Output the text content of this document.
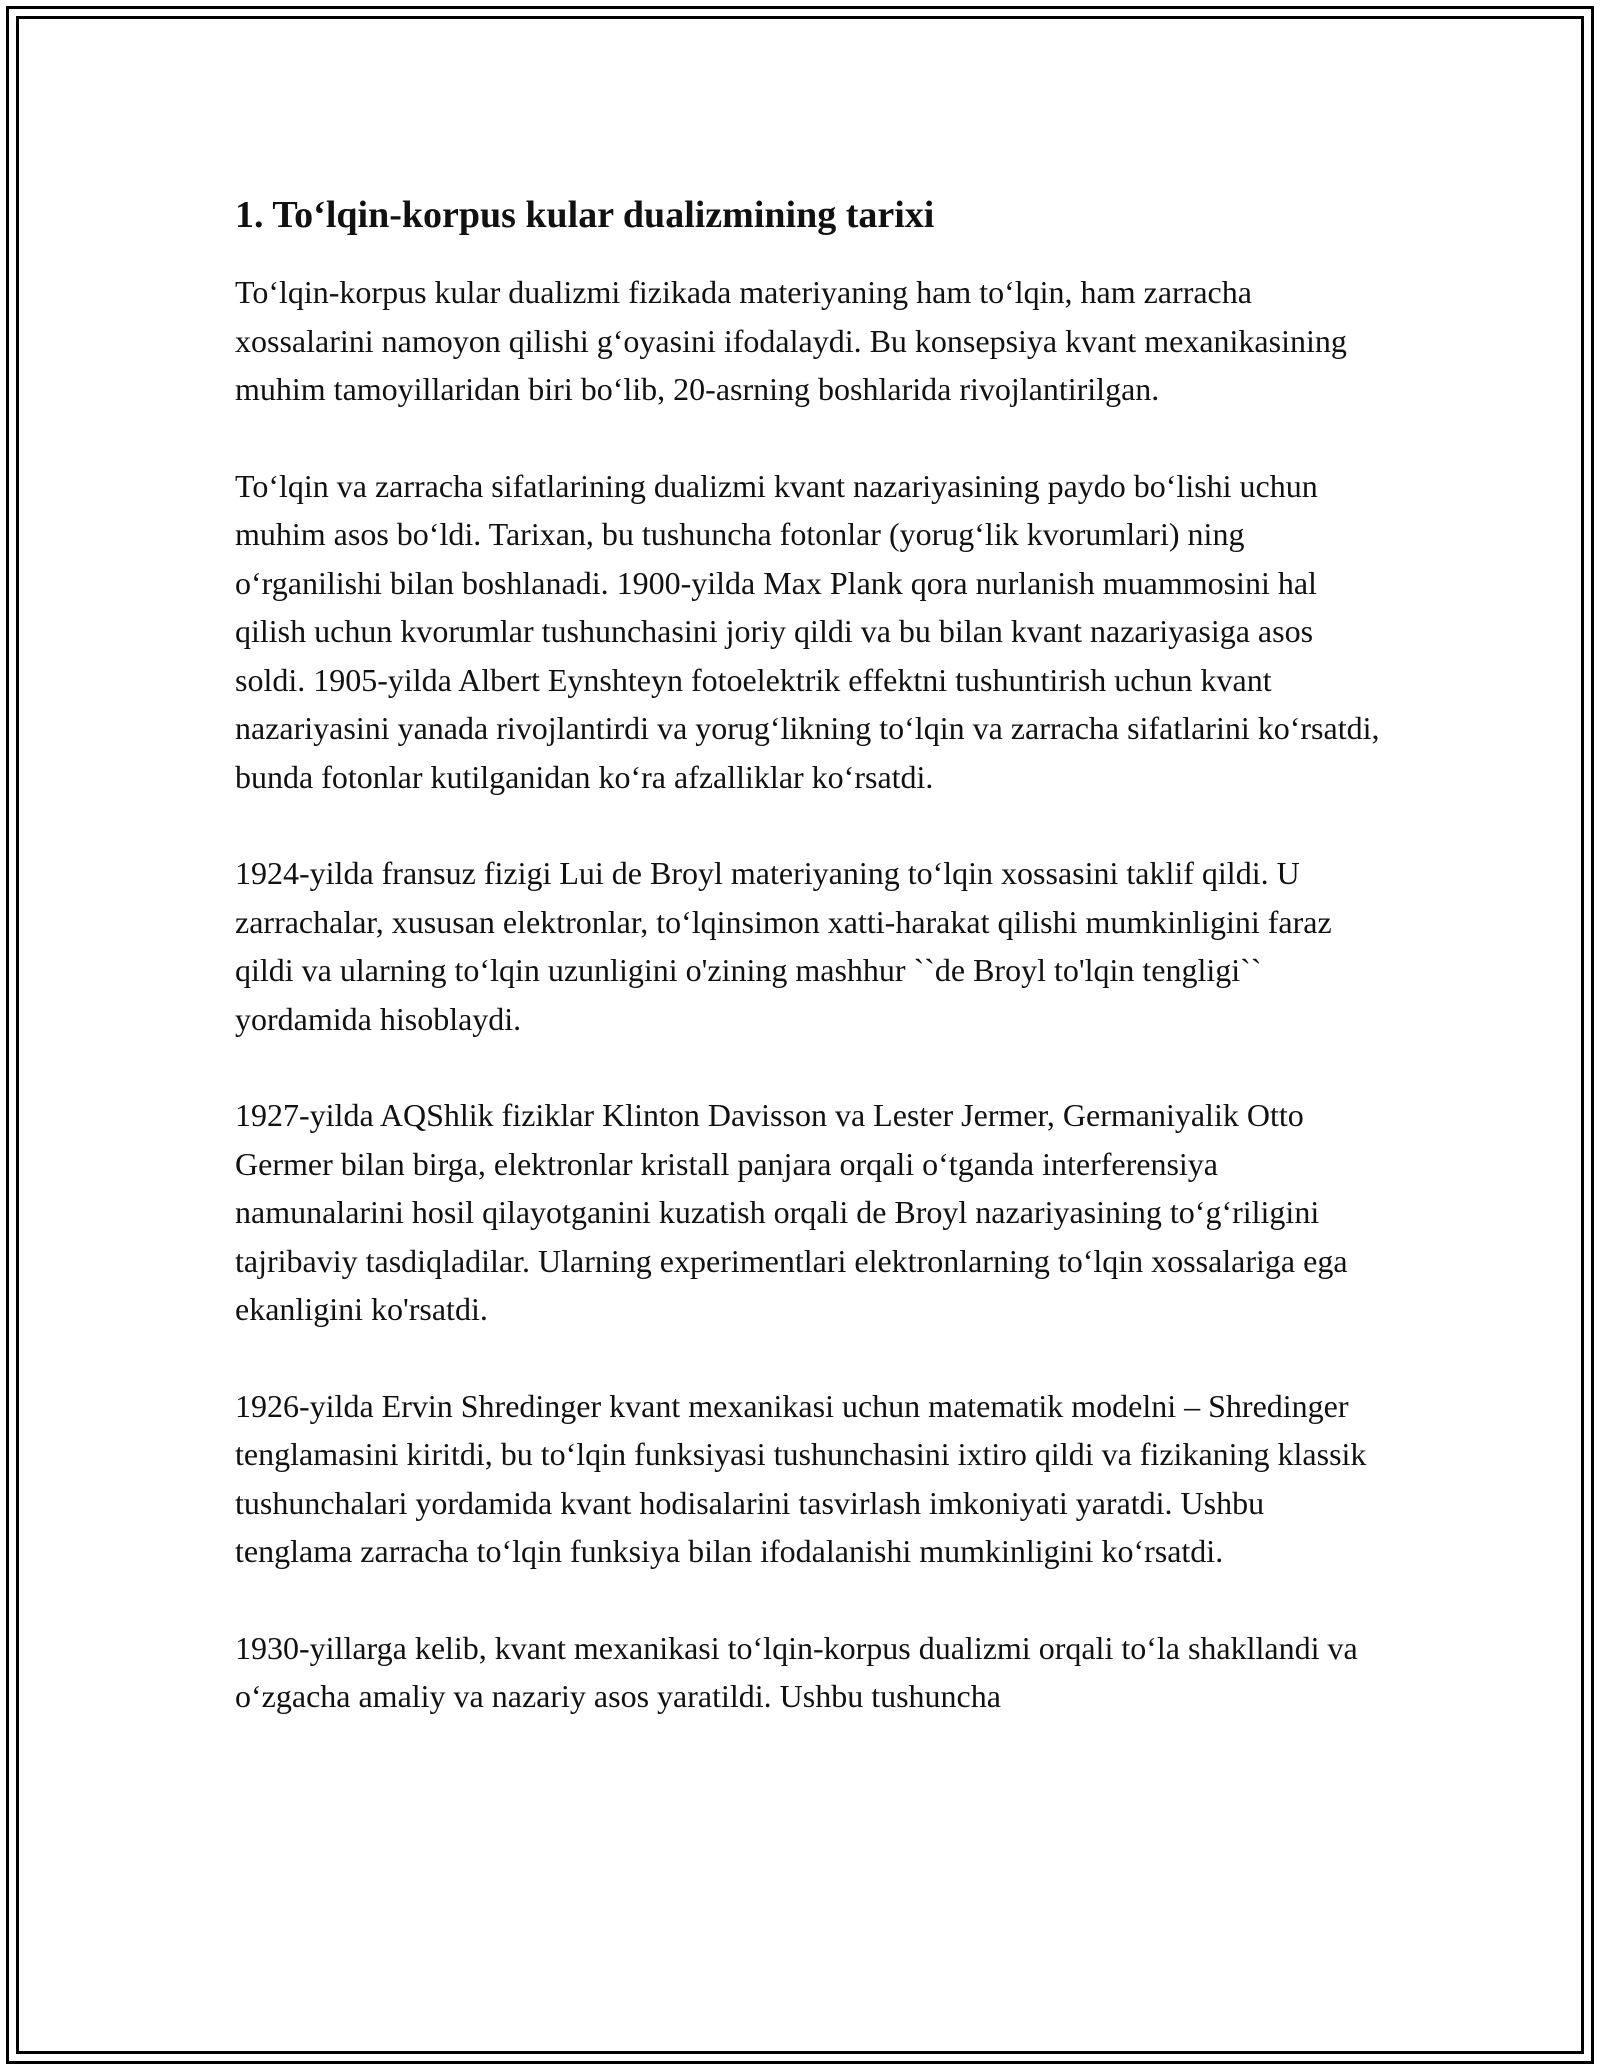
1. To‘lqin-korpus kular dualizmining tarixi

To‘lqin-korpus kular dualizmi fizikada materiyaning ham to‘lqin, ham zarracha xossalarini namoyon qilishi g‘oyasini ifodalaydi. Bu konsepsiya kvant mexanikasining muhim tamoyillaridan biri bo‘lib, 20-asrning boshlarida rivojlantirilgan.

To‘lqin va zarracha sifatlarining dualizmi kvant nazariyasining paydo bo‘lishi uchun muhim asos bo‘ldi. Tarixan, bu tushuncha fotonlar (yorug‘lik kvorumlari) ning o‘rganilishi bilan boshlanadi. 1900-yilda Max Plank qora nurlanish muammosini hal qilish uchun kvorumlar tushunchasini joriy qildi va bu bilan kvant nazariyasiga asos soldi. 1905-yilda Albert Eynshteyn fotoelektrik effektni tushuntirish uchun kvant nazariyasini yanada rivojlantirdi va yorug‘likning to‘lqin va zarracha sifatlarini ko‘rsatdi, bunda fotonlar kutilganidan ko‘ra afzalliklar ko‘rsatdi.

1924-yilda fransuz fizigi Lui de Broyl materiyaning to‘lqin xossasini taklif qildi. U zarrachalar, xususan elektronlar, to‘lqinsimon xatti-harakat qilishi mumkinligini faraz qildi va ularning to‘lqin uzunligini o'zining mashhur ``de Broyl to'lqin tengligi`` yordamida hisoblaydi.

1927-yilda AQShlik fiziklar Klinton Davisson va Lester Jermer, Germaniyalik Otto Germer bilan birga, elektronlar kristall panjara orqali o‘tganda interferensiya namunalarini hosil qilayotganini kuzatish orqali de Broyl nazariyasining to‘g‘riligini tajribaviy tasdiqladilar. Ularning experimentlari elektronlarning to‘lqin xossalariga ega ekanligini ko'rsatdi.

1926-yilda Ervin Shredinger kvant mexanikasi uchun matematik modelni – Shredinger tenglamasini kiritdi, bu to‘lqin funksiyasi tushunchasini ixtiro qildi va fizikaning klassik tushunchalari yordamida kvant hodisalarini tasvirlash imkoniyati yaratdi. Ushbu tenglama zarracha to‘lqin funksiya bilan ifodalanishi mumkinligini ko‘rsatdi.

1930-yillarga kelib, kvant mexanikasi to‘lqin-korpus dualizmi orqali to‘la shakllandi va o‘zgacha amaliy va nazariy asos yaratildi. Ushbu tushuncha
